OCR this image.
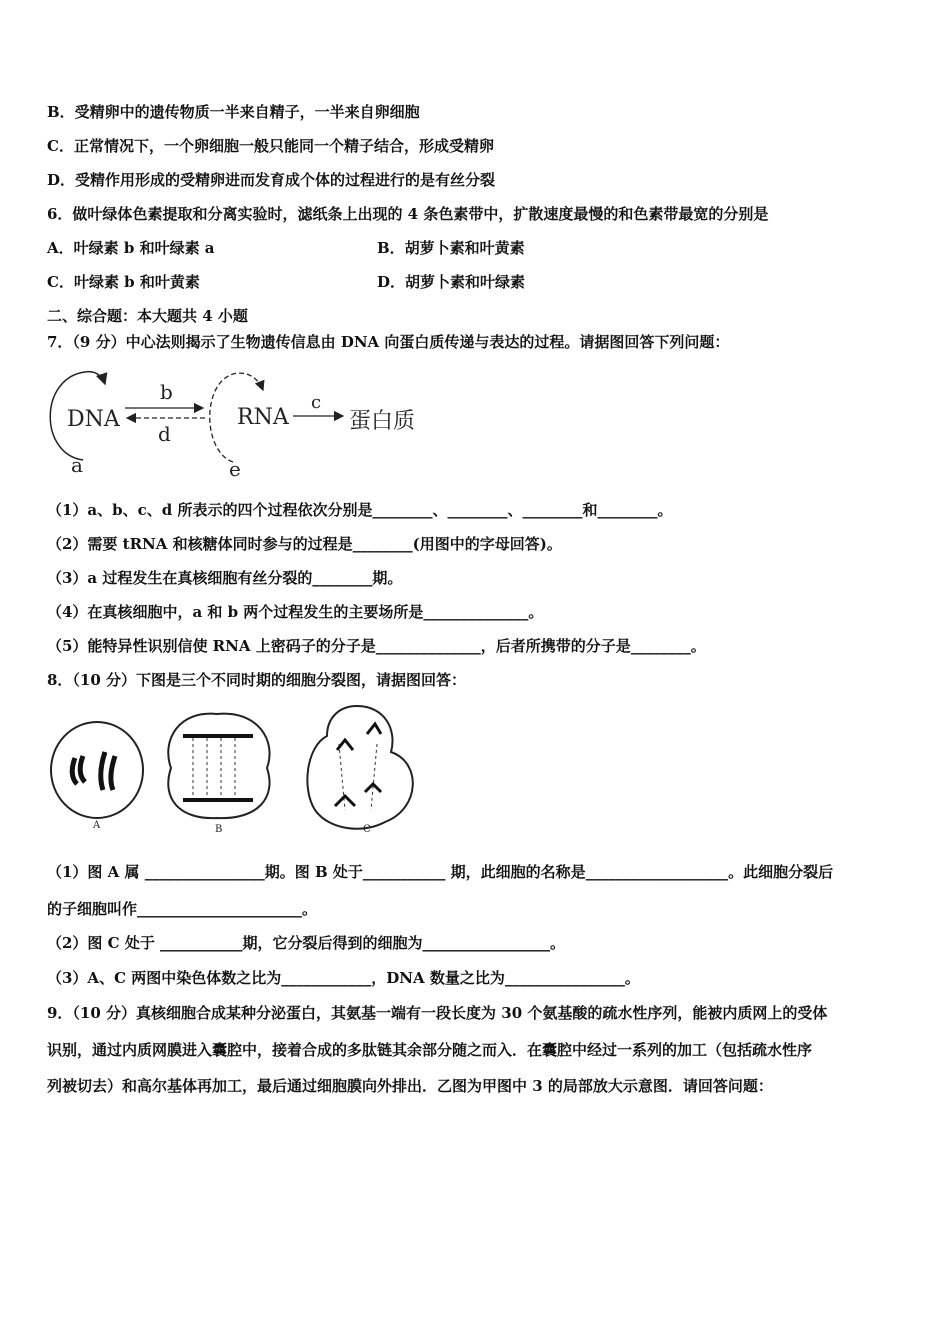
B．受精卵中的遗传物质一半来自精子，一半来自卵细胞
C．正常情况下，一个卵细胞一般只能同一个精子结合，形成受精卵
D．受精作用形成的受精卵进而发育成个体的过程进行的是有丝分裂
6．做叶绿体色素提取和分离实验时，滤纸条上出现的 4 条色素带中，扩散速度最慢的和色素带最宽的分别是
A．叶绿素 b 和叶绿素 a	B．胡萝卜素和叶黄素
C．叶绿素 b 和叶黄素	D．胡萝卜素和叶绿素
二、综合题：本大题共 4 小题
7．（9 分）中心法则揭示了生物遗传信息由 DNA 向蛋白质传递与表达的过程。请据图回答下列问题：
DNA
a
b
d
RNA
e
c
蛋白质
（1）a、b、c、d 所表示的四个过程依次分别是________、________、________和________。
（2）需要 tRNA 和核糖体同时参与的过程是________(用图中的字母回答)。
（3）a 过程发生在真核细胞有丝分裂的________期。
（4）在真核细胞中，a 和 b 两个过程发生的主要场所是______________。
（5）能特异性识别信使 RNA 上密码子的分子是______________，后者所携带的分子是________。
8．（10 分）下图是三个不同时期的细胞分裂图，请据图回答：
A	B	C
（1）图 A 属 ________________期。图 B 处于___________ 期，此细胞的名称是___________________。此细胞分裂后
的子细胞叫作______________________。
（2）图 C 处于 ___________期，它分裂后得到的细胞为_________________。
（3）A、C 两图中染色体数之比为____________，DNA 数量之比为________________。
9．（10 分）真核细胞合成某种分泌蛋白，其氨基一端有一段长度为 30 个氨基酸的疏水性序列，能被内质网上的受体
识别，通过内质网膜进入囊腔中，接着合成的多肽链其余部分随之而入．在囊腔中经过一系列的加工（包括疏水性序
列被切去）和高尔基体再加工，最后通过细胞膜向外排出．乙图为甲图中 3 的局部放大示意图．请回答问题：
